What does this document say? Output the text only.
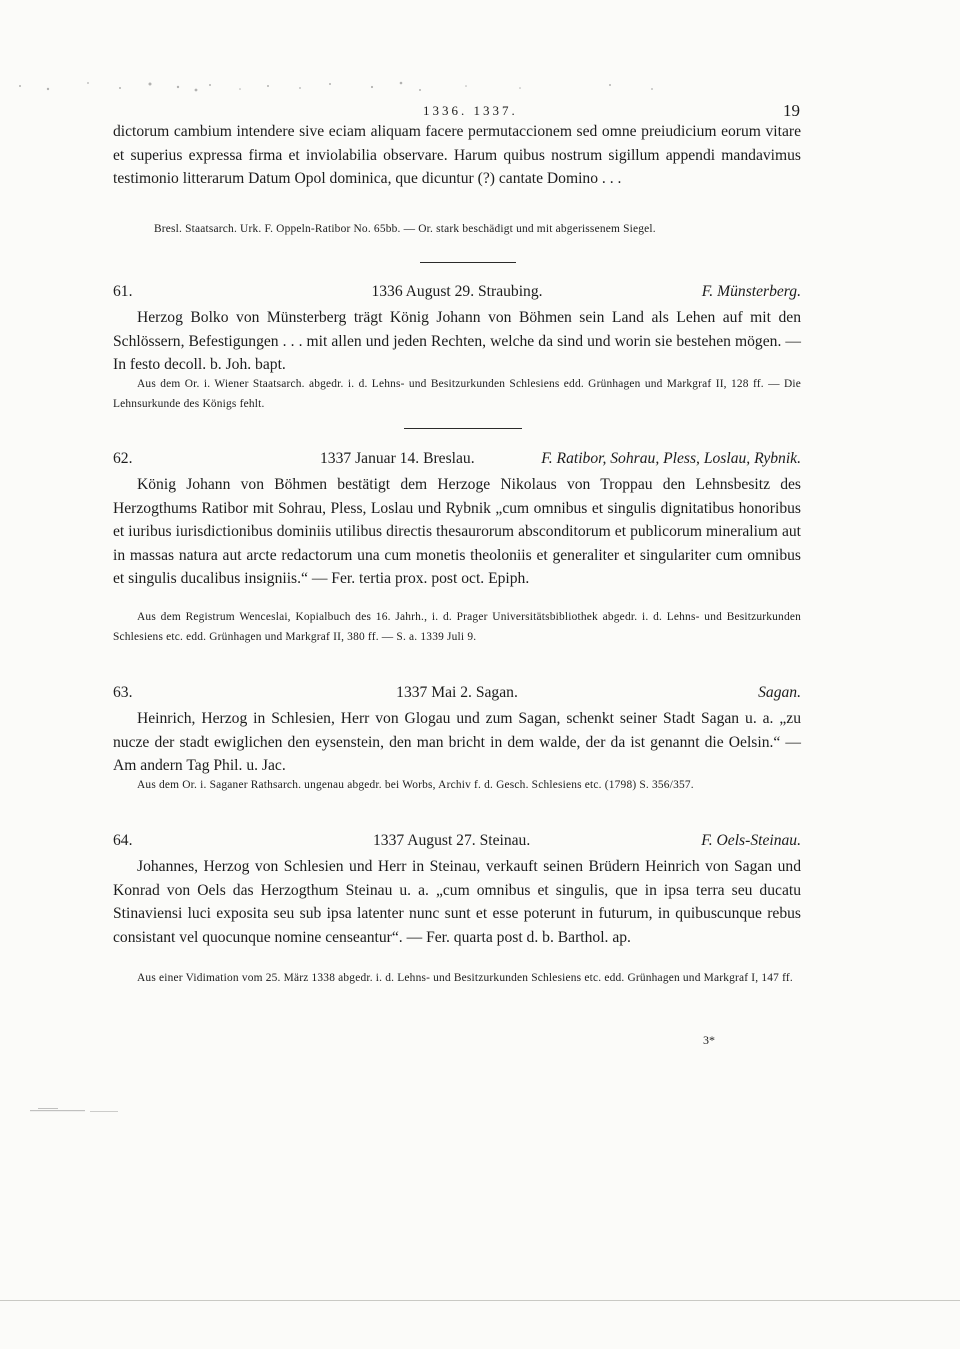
1336. 1337.	19

dictorum cambium intendere sive eciam aliquam facere permutaccionem sed omne preiudicium eorum vitare et superius expressa firma et inviolabilia observare. Harum quibus nostrum sigillum appendi mandavimus testimonio litterarum Datum Opol dominica, que dicuntur (?) cantate Domino . . .

Bresl. Staatsarch. Urk. F. Oppeln-Ratibor No. 65bb. — Or. stark beschädigt und mit abgerissenem Siegel.

61.	1336 August 29. Straubing.	F. Münsterberg.

Herzog Bolko von Münsterberg trägt König Johann von Böhmen sein Land als Lehen auf mit den Schlössern, Befestigungen . . . mit allen und jeden Rechten, welche da sind und worin sie bestehen mögen. — In festo decoll. b. Joh. bapt.

Aus dem Or. i. Wiener Staatsarch. abgedr. i. d. Lehns- und Besitzurkunden Schlesiens edd. Grünhagen und Markgraf II, 128 ff. — Die Lehnsurkunde des Königs fehlt.

62.	1337 Januar 14. Breslau.	F. Ratibor, Sohrau, Pless, Loslau, Rybnik.

König Johann von Böhmen bestätigt dem Herzoge Nikolaus von Troppau den Lehnsbesitz des Herzogthums Ratibor mit Sohrau, Pless, Loslau und Rybnik „cum omnibus et singulis dignitatibus honoribus et iuribus iurisdictionibus dominiis utilibus directis thesaurorum absconditorum et publicorum mineralium aut in massas natura aut arcte redactorum una cum monetis theoloniis et generaliter et singulariter cum omnibus et singulis ducalibus insigniis.“ — Fer. tertia prox. post oct. Epiph.

Aus dem Registrum Wenceslai, Kopialbuch des 16. Jahrh., i. d. Prager Universitätsbibliothek abgedr. i. d. Lehns- und Besitzurkunden Schlesiens etc. edd. Grünhagen und Markgraf II, 380 ff. — S. a. 1339 Juli 9.

63.	1337 Mai 2. Sagan.	Sagan.

Heinrich, Herzog in Schlesien, Herr von Glogau und zum Sagan, schenkt seiner Stadt Sagan u. a. „zu nucze der stadt ewiglichen den eysenstein, den man bricht in dem walde, der da ist genannt die Oelsin.“ — Am andern Tag Phil. u. Jac.

Aus dem Or. i. Saganer Rathsarch. ungenau abgedr. bei Worbs, Archiv f. d. Gesch. Schlesiens etc. (1798) S. 356/357.

64.	1337 August 27. Steinau.	F. Oels-Steinau.

Johannes, Herzog von Schlesien und Herr in Steinau, verkauft seinen Brüdern Heinrich von Sagan und Konrad von Oels das Herzogthum Steinau u. a. „cum omnibus et singulis, que in ipsa terra seu ducatu Stinaviensi luci exposita seu sub ipsa latenter nunc sunt et esse poterunt in futurum, in quibuscunque rebus consistant vel quocunque nomine censeantur“. — Fer. quarta post d. b. Barthol. ap.

Aus einer Vidimation vom 25. März 1338 abgedr. i. d. Lehns- und Besitzurkunden Schlesiens etc. edd. Grünhagen und Markgraf I, 147 ff.

3*
